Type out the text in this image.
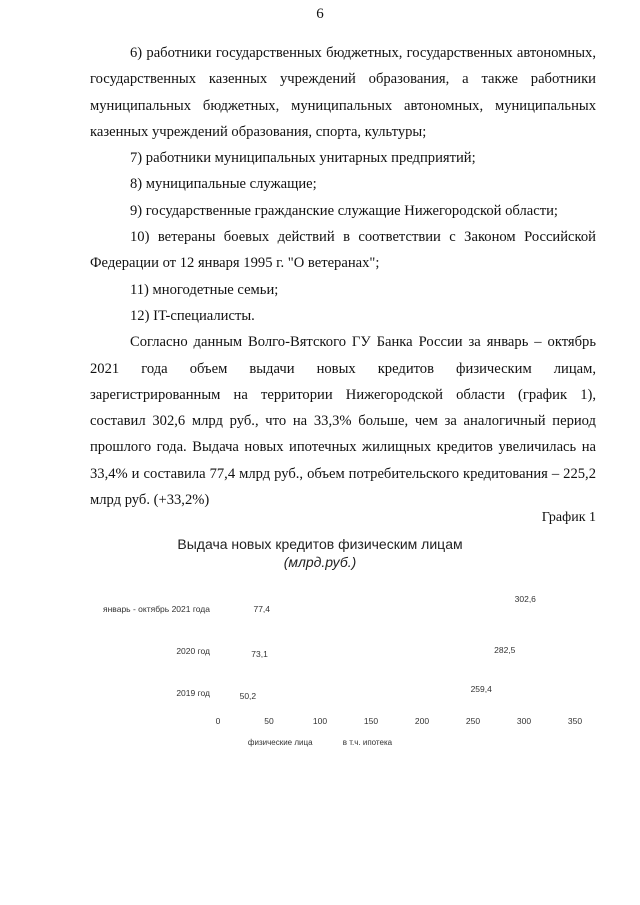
6

6) работники государственных бюджетных, государственных автономных, государственных казенных учреждений образования, а также работники муниципальных бюджетных, муниципальных автономных, муниципальных казенных учреждений образования, спорта, культуры;

7) работники муниципальных унитарных предприятий;

8) муниципальные служащие;

9) государственные гражданские служащие Нижегородской области;

10) ветераны боевых действий в соответствии с Законом Российской Федерации от 12 января 1995 г. "О ветеранах";

11) многодетные семьи;

12) IT-специалисты.

Согласно данным Волго-Вятского ГУ Банка России за январь – октябрь 2021 года объем выдачи новых кредитов физическим лицам, зарегистрированным на территории Нижегородской области (график 1), составил 302,6 млрд руб., что на 33,3% больше, чем за аналогичный период прошлого года. Выдача новых ипотечных жилищных кредитов увеличилась на 33,4% и составила 77,4 млрд руб., объем потребительского кредитования – 225,2 млрд руб. (+33,2%)

График 1
Выдача новых кредитов физическим лицам
(млрд.руб.)
физические лица	в т.ч. ипотека
январь - октябрь 2021 года
2020 год
2019 год
302,6
282,5
259,4
77,4
73,1
50,2
0	50	100	150	200	250	300	350
